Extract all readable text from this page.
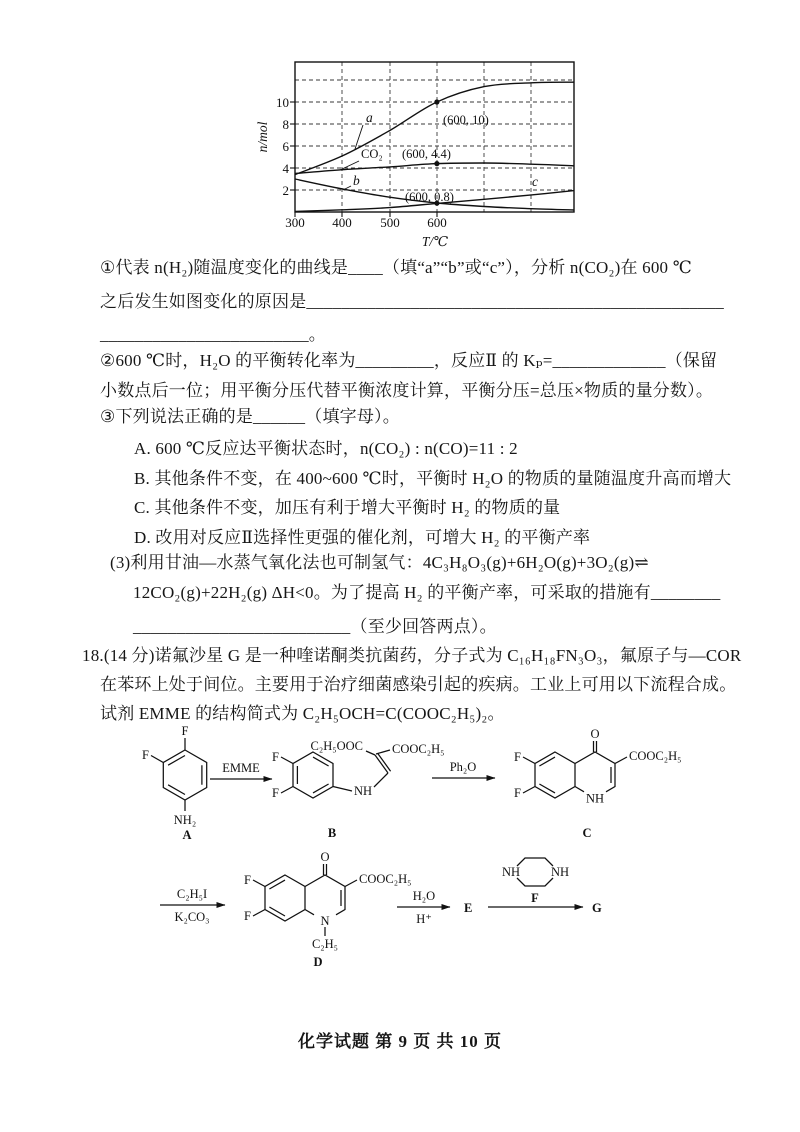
300 400 500 600
2
4
6
8
10
n/mol
T/℃
a
CO₂
b	c
(600, 10)
(600, 4.4)
(600, 0.8)
①代表 n(H₂)随温度变化的曲线是____（填“a”“b”或“c”），分析 n(CO₂)在 600 ℃
之后发生如图变化的原因是________________________________________________
________________________。
②600 ℃时，H₂O 的平衡转化率为_________，反应Ⅱ 的 Kₚ=_____________（保留
小数点后一位；用平衡分压代替平衡浓度计算，平衡分压=总压×物质的量分数）。
③下列说法正确的是______（填字母）。
A. 600 ℃反应达平衡状态时，n(CO₂) : n(CO)=11 : 2
B. 其他条件不变，在 400~600 ℃时，平衡时 H₂O 的物质的量随温度升高而增大
C. 其他条件不变，加压有利于增大平衡时 H₂ 的物质的量
D. 改用对反应Ⅱ选择性更强的催化剂，可增大 H₂ 的平衡产率
(3)利用甘油—水蒸气氧化法也可制氢气：4C₃H₈O₃(g)+6H₂O(g)+3O₂(g)⇌
12CO₂(g)+22H₂(g) ΔH<0。为了提高 H₂ 的平衡产率，可采取的措施有________
_________________________（至少回答两点）。
18.(14 分)诺氟沙星 G 是一种喹诺酮类抗菌药，分子式为 C₁₆H₁₈FN₃O₃，氟原子与—COR
在苯环上处于间位。主要用于治疗细菌感染引起的疾病。工业上可用以下流程合成。
试剂 EMME 的结构简式为 C₂H₅OCH=C(COOC₂H₅)₂。
F
F
NH₂
A
EMME
F
F	NH
C₂H₅OOC COOC₂H₅
B
Ph₂O
O
COOC₂H₅
NH
F
F
C
C₂H₅I
K₂CO₃
O
COOC₂H₅
N
C₂H₅
F
F
D
H₂O
H⁺
E
NH NH
F
G
化学试题 第 9 页 共 10 页
